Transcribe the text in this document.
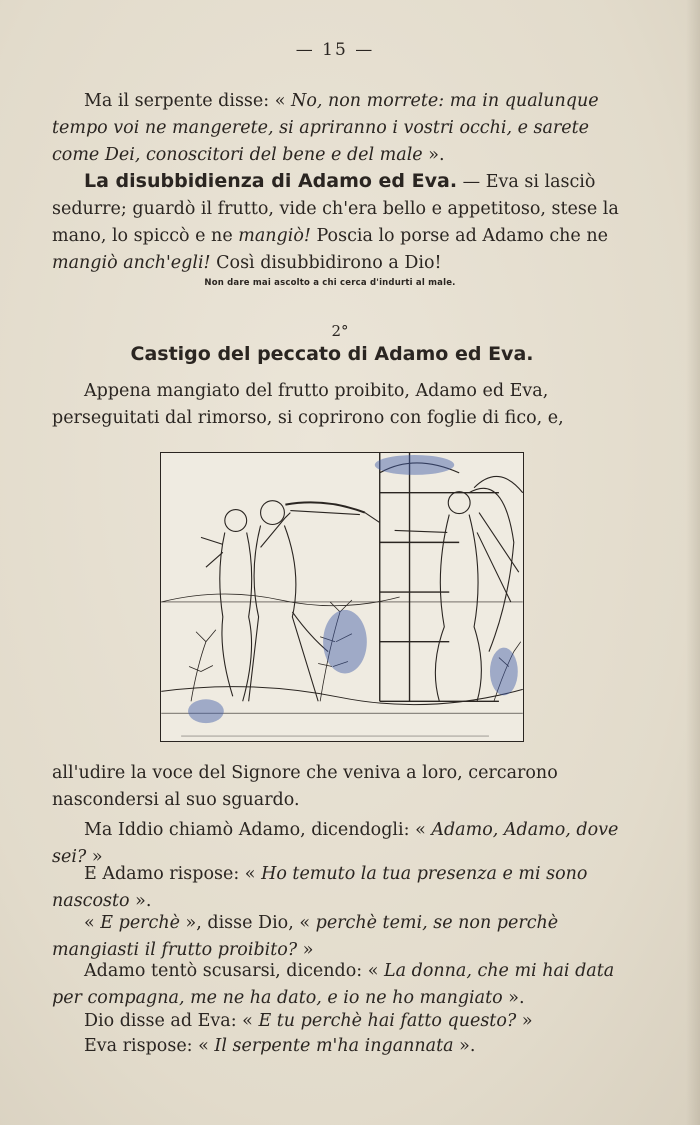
— 15 —
Ma il serpente disse: « No, non morrete: ma in qualunque tempo voi ne mangerete, si apriranno i vostri occhi, e sarete come Dei, conoscitori del bene e del male ».
La disubbidienza di Adamo ed Eva. — Eva si lasciò sedurre; guardò il frutto, vide ch'era bello e appetitoso, stese la mano, lo spiccò e ne mangiò! Poscia lo porse ad Adamo che ne mangiò anch'egli! Così disubbidirono a Dio!
Non dare mai ascolto a chi cerca d'indurti al male.
2°
Castigo del peccato di Adamo ed Eva.
Appena mangiato del frutto proibito, Adamo ed Eva, perseguitati dal rimorso, si coprirono con foglie di fico, e,
all'udire la voce del Signore che veniva a loro, cercarono nascondersi al suo sguardo.
Ma Iddio chiamò Adamo, dicendogli: « Adamo, Adamo, dove sei? »
E Adamo rispose: « Ho temuto la tua presenza e mi sono nascosto ».
« E perchè », disse Dio, « perchè temi, se non perchè mangiasti il frutto proibito? »
Adamo tentò scusarsi, dicendo: « La donna, che mi hai data per compagna, me ne ha dato, e io ne ho mangiato ».
Dio disse ad Eva: « E tu perchè hai fatto questo? »
Eva rispose: « Il serpente m'ha ingannata ».
